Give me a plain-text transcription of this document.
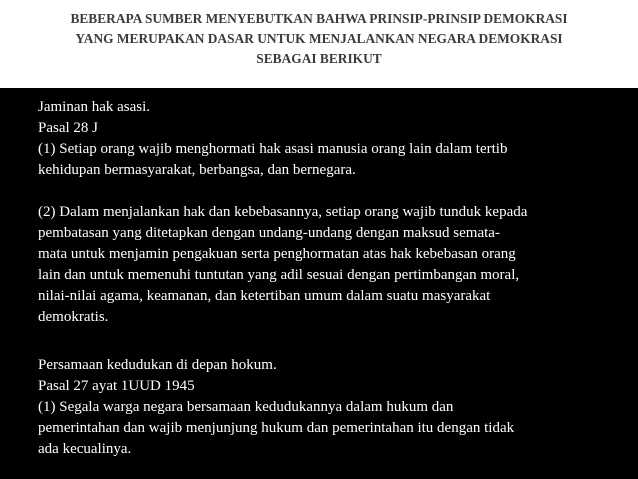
BEBERAPA SUMBER MENYEBUTKAN BAHWA PRINSIP-PRINSIP DEMOKRASI
YANG MERUPAKAN DASAR UNTUK MENJALANKAN NEGARA DEMOKRASI
SEBAGAI BERIKUT
Jaminan hak asasi.
Pasal 28 J
(1) Setiap orang wajib menghormati hak asasi manusia orang lain dalam tertib
kehidupan bermasyarakat, berbangsa, dan bernegara.
(2) Dalam menjalankan hak dan kebebasannya, setiap orang wajib tunduk kepada
pembatasan yang ditetapkan dengan undang-undang dengan maksud semata-
mata untuk menjamin pengakuan serta penghormatan atas hak kebebasan orang
lain dan untuk memenuhi tuntutan yang adil sesuai dengan pertimbangan moral,
nilai-nilai agama, keamanan, dan ketertiban umum dalam suatu masyarakat
demokratis.
Persamaan kedudukan di depan hokum.
Pasal 27 ayat 1UUD 1945
(1) Segala warga negara bersamaan kedudukannya dalam hukum dan
pemerintahan dan wajib menjunjung hukum dan pemerintahan itu dengan tidak
ada kecualinya.
